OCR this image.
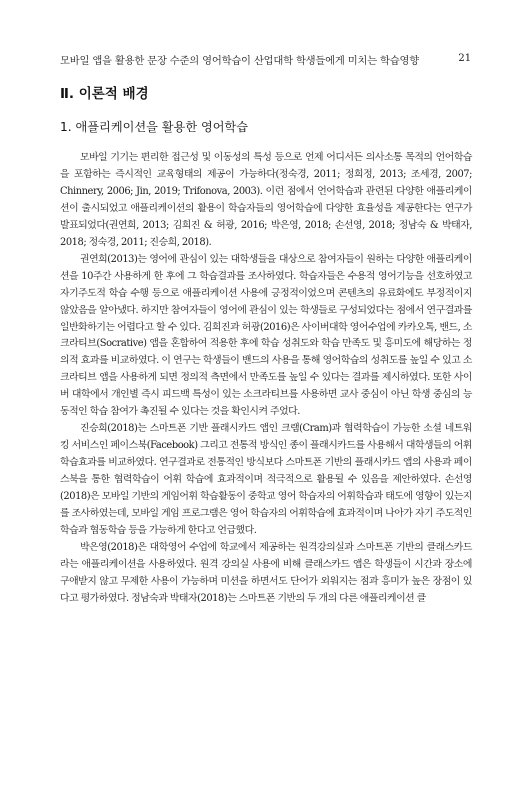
모바일 앱을 활용한 문장 수준의 영어학습이 산업대학 학생들에게 미치는 학습영향	21
Ⅱ. 이론적 배경
1. 애플리케이션을 활용한 영어학습

모바일 기기는 편리한 접근성 및 이동성의 특성 등으로 언제 어디서든 의사소통 목적의 언어학습을 포함하는 즉시적인 교육형태의 제공이 가능하다(정숙경, 2011; 정희정, 2013; 조세경, 2007; Chinnery, 2006; Jin, 2019; Trifonova, 2003). 이런 점에서 언어학습과 관련된 다양한 애플리케이션이 출시되었고 애플리케이션의 활용이 학습자들의 영어학습에 다양한 효율성을 제공한다는 연구가 발표되었다(권연희, 2013; 김희진 & 허광, 2016; 박은영, 2018; 손선영, 2018; 정남숙 & 박태자, 2018; 정숙경, 2011; 진승희, 2018).

권연희(2013)는 영어에 관심이 있는 대학생들을 대상으로 참여자들이 원하는 다양한 애플리케이션을 10주간 사용하게 한 후에 그 학습결과를 조사하였다. 학습자들은 수용적 영어기능을 선호하였고 자기주도적 학습 수행 등으로 애플리케이션 사용에 긍정적이었으며 콘텐츠의 유료화에도 부정적이지 않았음을 알아냈다. 하지만 참여자들이 영어에 관심이 있는 학생들로 구성되었다는 점에서 연구결과를 일반화하기는 어렵다고 할 수 있다. 김희진과 허광(2016)은 사이버대학 영어수업에 카카오톡, 밴드, 소크라티브(Socrative) 앱을 혼합하여 적용한 후에 학습 성취도와 학습 만족도 및 흥미도에 해당하는 정의적 효과를 비교하였다. 이 연구는 학생들이 밴드의 사용을 통해 영어학습의 성취도를 높일 수 있고 소크라티브 앱을 사용하게 되면 정의적 측면에서 만족도를 높일 수 있다는 결과를 제시하였다. 또한 사이버 대학에서 개인별 즉시 피드백 특성이 있는 소크라티브를 사용하면 교사 중심이 아닌 학생 중심의 능동적인 학습 참여가 촉진될 수 있다는 것을 확인시켜 주었다.

진승희(2018)는 스마트폰 기반 플래시카드 앱인 크램(Cram)과 협력학습이 가능한 소셜 네트워킹 서비스인 페이스북(Facebook) 그리고 전통적 방식인 종이 플래시카드를 사용해서 대학생들의 어휘 학습효과를 비교하였다. 연구결과로 전통적인 방식보다 스마트폰 기반의 플래시카드 앱의 사용과 페이스북을 통한 협력학습이 어휘 학습에 효과적이며 적극적으로 활용될 수 있음을 제안하였다. 손선영(2018)은 모바일 기반의 게임어휘 학습활동이 중학교 영어 학습자의 어휘학습과 태도에 영향이 있는지를 조사하였는데, 모바일 게임 프로그램은 영어 학습자의 어휘학습에 효과적이며 나아가 자기 주도적인 학습과 협동학습 등을 가능하게 한다고 언급했다.

박은영(2018)은 대학영어 수업에 학교에서 제공하는 원격강의실과 스마트폰 기반의 클래스카드라는 애플리케이션을 사용하였다. 원격 강의실 사용에 비해 클래스카드 앱은 학생들이 시간과 장소에 구애받지 않고 무제한 사용이 가능하며 미션을 하면서도 단어가 외워지는 점과 흥미가 높은 장점이 있다고 평가하였다. 정남숙과 박태자(2018)는 스마트폰 기반의 두 개의 다른 애플리케이션 클
